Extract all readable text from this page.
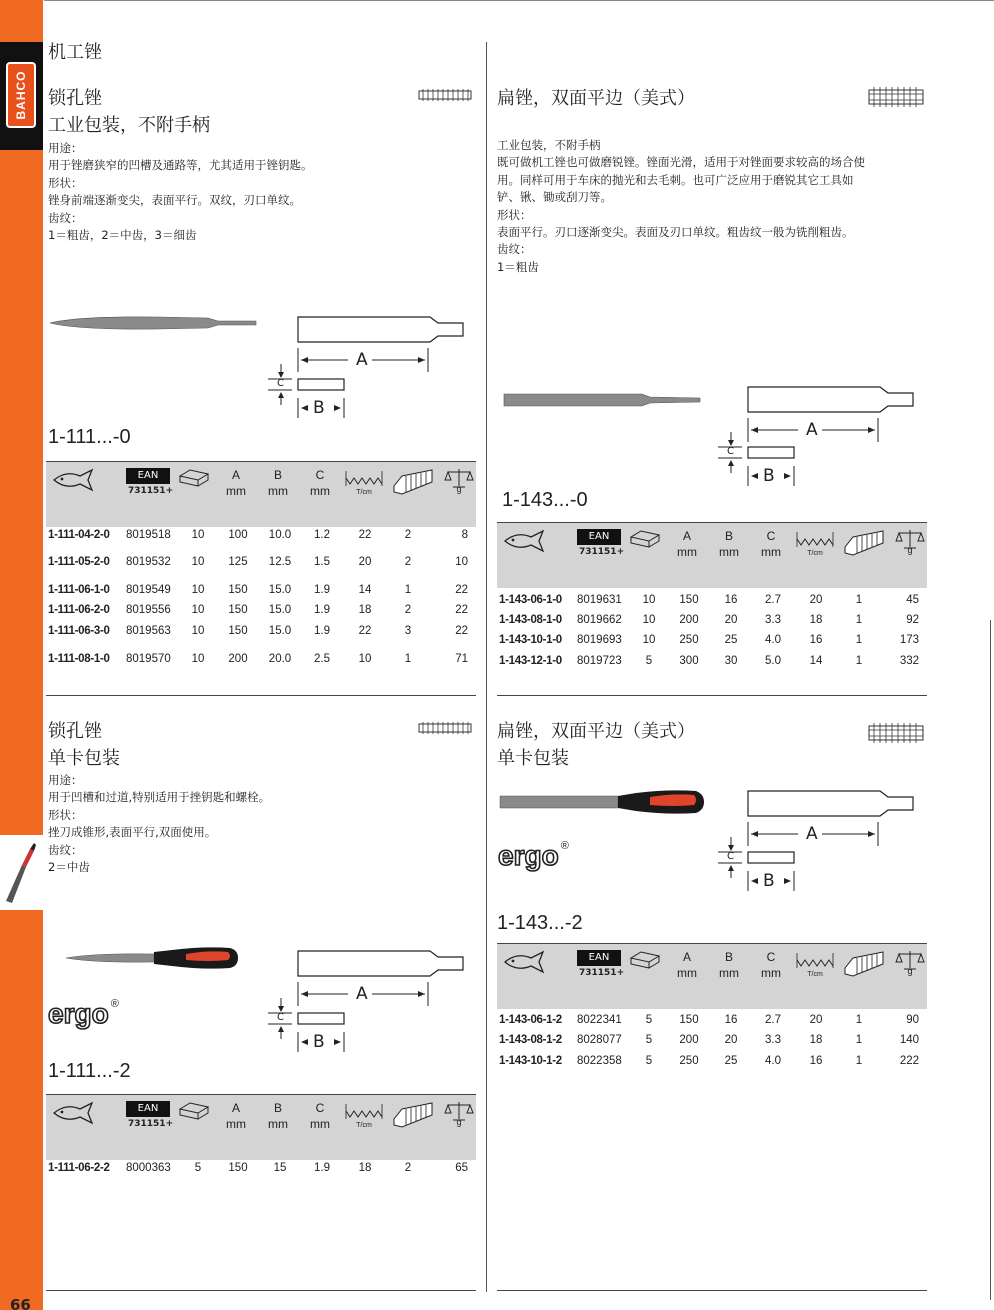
BAHCO
66
机工锉
锁孔锉
工业包装，不附手柄
用途：
用于锉磨狭窄的凹槽及通路等，尤其适用于锉钥匙。
形状：
锉身前端逐渐变尖，表面平行。双纹，刃口单纹。
齿纹：
1＝粗齿，2＝中齿，3＝细齿
A
C
B
1-111...-0
EAN
731151+
A
mm
B
mm
C
mm	T/cm	g
1-111-04-2-0	8019518	10	100	10.0	1.2	22	2	8
1-111-05-2-0	8019532	10	125	12.5	1.5	20	2	10
1-111-06-1-0	8019549	10	150	15.0	1.9	14	1	22
1-111-06-2-0	8019556	10	150	15.0	1.9	18	2	22
1-111-06-3-0	8019563	10	150	15.0	1.9	22	3	22
1-111-08-1-0	8019570	10	200	20.0	2.5	10	1	71
扁锉，双面平边（美式）
工业包装，不附手柄
既可做机工锉也可做磨锐锉。锉面光滑，适用于对锉面要求较高的场合使
用。同样可用于车床的抛光和去毛刺。也可广泛应用于磨锐其它工具如
铲、锹、锄或刮刀等。
形状：
表面平行。刃口逐渐变尖。表面及刃口单纹。粗齿纹一般为铣削粗齿。
齿纹：
1＝粗齿
A
C
B
1-143...-0
EAN
731151+
A
mm
B
mm
C
mm	T/cm	g
1-143-06-1-0	8019631	10	150	16	2.7	20	1	45
1-143-08-1-0	8019662	10	200	20	3.3	18	1	92
1-143-10-1-0	8019693	10	250	25	4.0	16	1	173
1-143-12-1-0	8019723	5	300	30	5.0	14	1	332
锁孔锉
单卡包装
用途：
用于凹槽和过道,特别适用于挫钥匙和螺栓。
形状：
挫刀成锥形,表面平行,双面使用。
齿纹：
2＝中齿
ergo ®	A
C
B
1-111...-2
EAN
731151+
A
mm
B
mm
C
mm	T/cm	g
1-111-06-2-2	8000363	5	150	15	1.9	18	2	65
扁锉，双面平边（美式）
单卡包装
ergo ®
A
C
B
1-143...-2
EAN
731151+
A
mm
B
mm
C
mm	T/cm	g
1-143-06-1-2	8022341	5	150	16	2.7	20	1	90
1-143-08-1-2	8028077	5	200	20	3.3	18	1	140
1-143-10-1-2	8022358	5	250	25	4.0	16	1	222
